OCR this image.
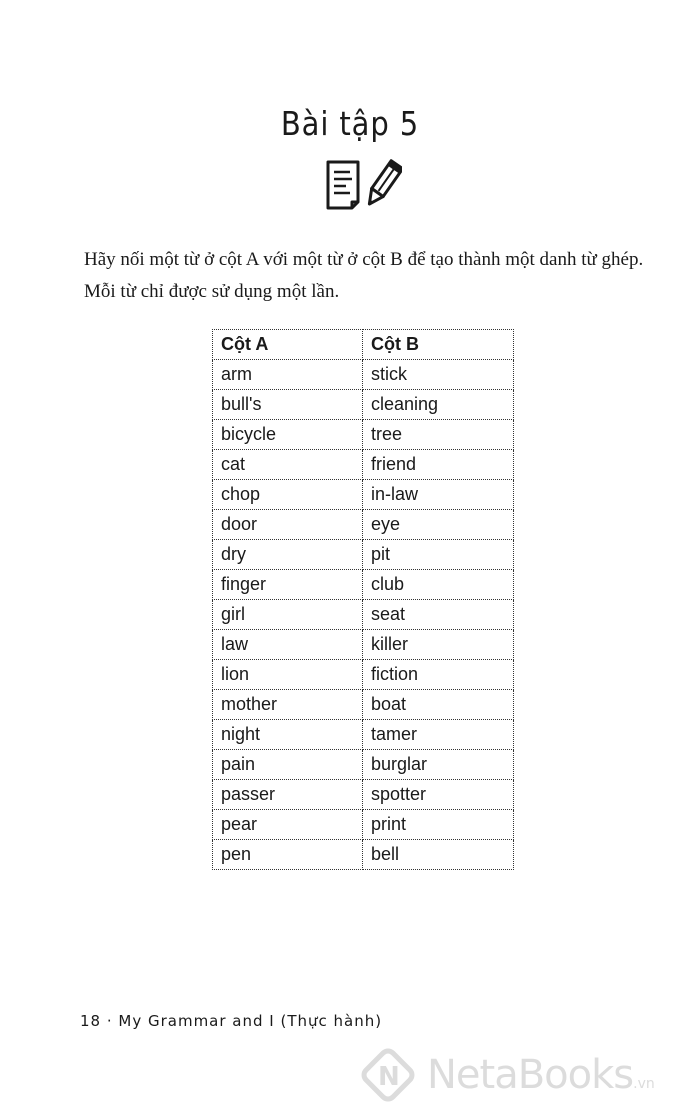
Bài tập 5
Hãy nối một từ ở cột A với một từ ở cột B để tạo thành một danh từ ghép. Mỗi từ chỉ được sử dụng một lần.
Cột A	Cột B
arm	stick
bull's	cleaning
bicycle	tree
cat	friend
chop	in-law
door	eye
dry	pit
finger	club
girl	seat
law	killer
lion	fiction
mother	boat
night	tamer
pain	burglar
passer	spotter
pear	print
pen	bell
18 · My Grammar and I (Thực hành)
N NetaBooks.vn
